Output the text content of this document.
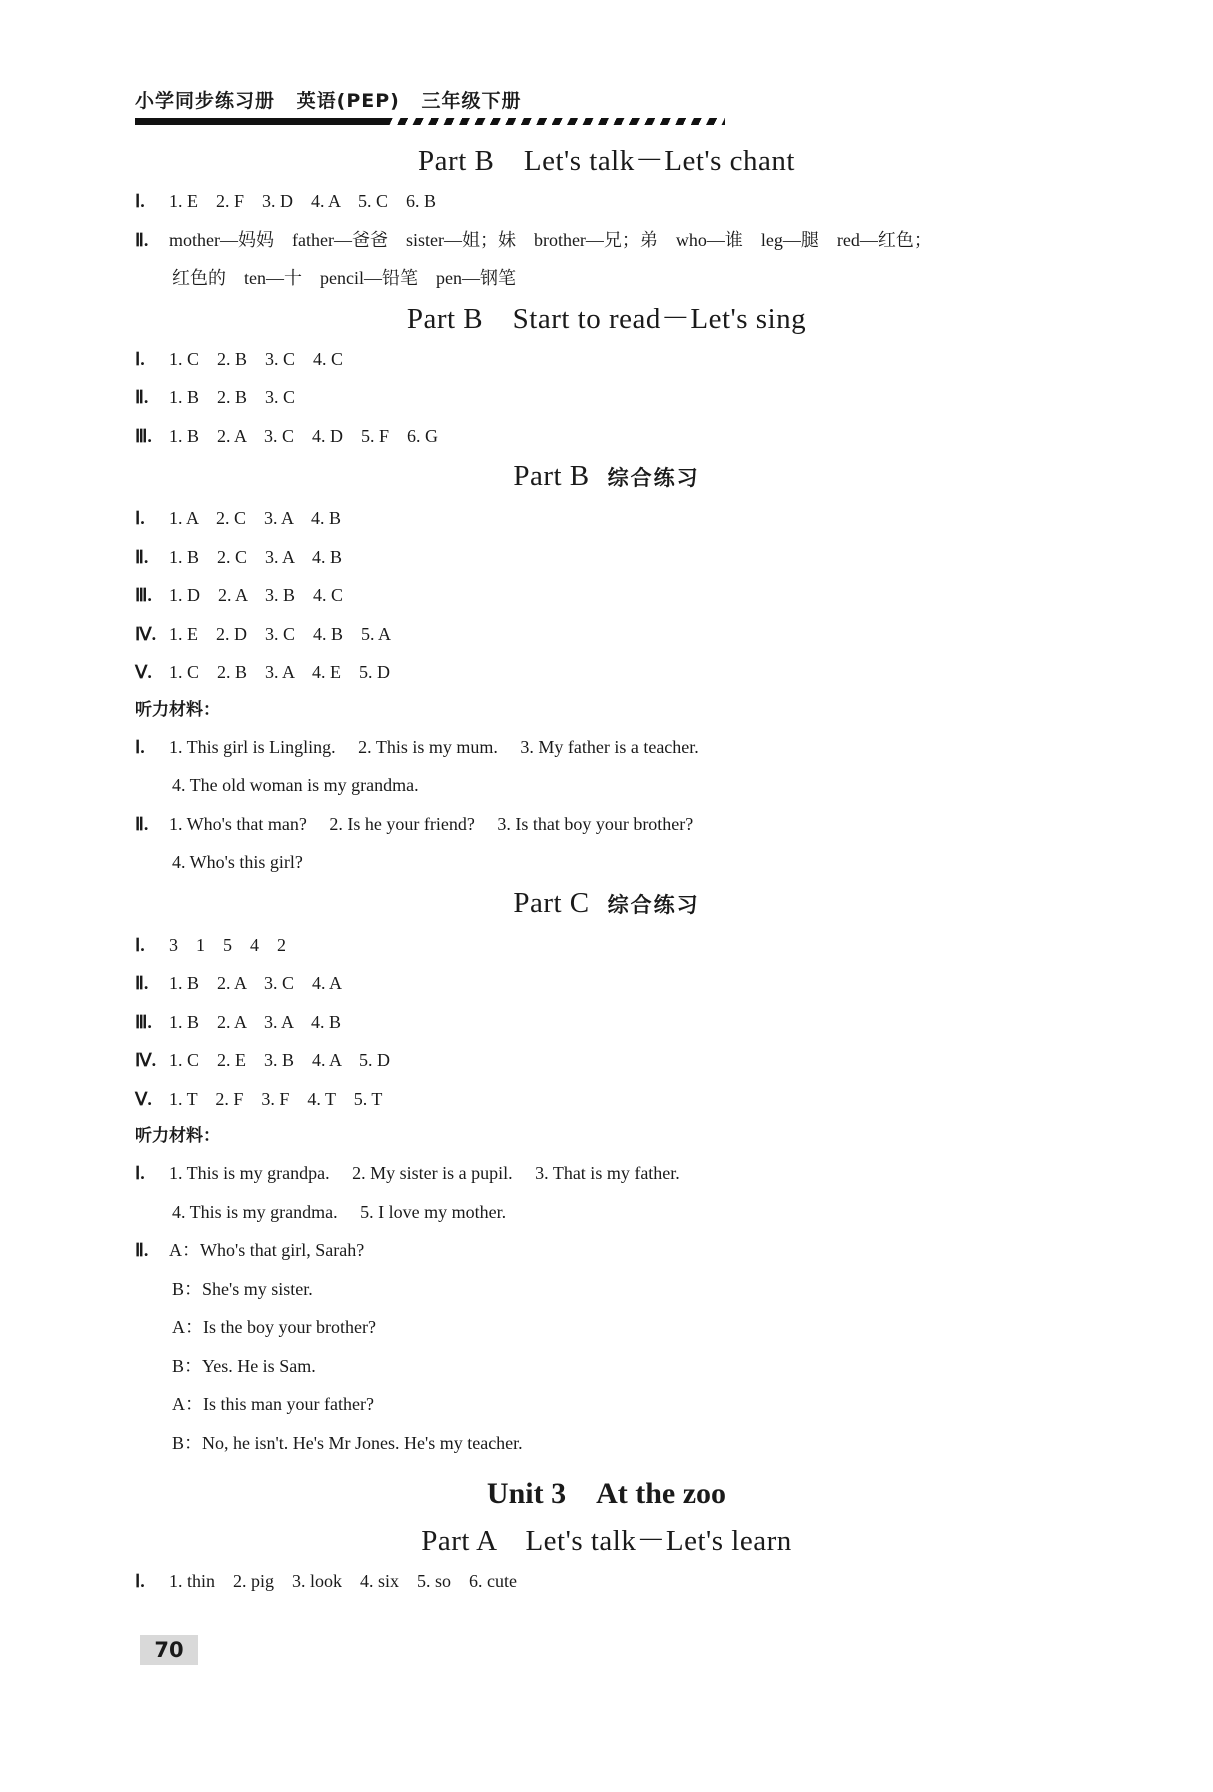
小学同步练习册 英语(PEP) 三年级下册
Part B　Let's talk－Let's chant
Ⅰ. 1. E　2. F　3. D　4. A　5. C　6. B
Ⅱ. mother—妈妈　father—爸爸　sister—姐；妹　brother—兄；弟　who—谁　leg—腿　red—红色；
红色的　ten—十　pencil—铅笔　pen—钢笔
Part B　Start to read－Let's sing
Ⅰ. 1. C　2. B　3. C　4. C
Ⅱ. 1. B　2. B　3. C
Ⅲ. 1. B　2. A　3. C　4. D　5. F　6. G
Part B 综合练习
Ⅰ. 1. A　2. C　3. A　4. B
Ⅱ. 1. B　2. C　3. A　4. B
Ⅲ. 1. D　2. A　3. B　4. C
Ⅳ. 1. E　2. D　3. C　4. B　5. A
Ⅴ. 1. C　2. B　3. A　4. E　5. D
听力材料：
Ⅰ. 1. This girl is Lingling.　 2. This is my mum.　 3. My father is a teacher.
4. The old woman is my grandma.
Ⅱ. 1. Who's that man?　 2. Is he your friend?　 3. Is that boy your brother?
4. Who's this girl?
Part C 综合练习
Ⅰ. 3　1　5　4　2
Ⅱ. 1. B　2. A　3. C　4. A
Ⅲ. 1. B　2. A　3. A　4. B
Ⅳ. 1. C　2. E　3. B　4. A　5. D
Ⅴ. 1. T　2. F　3. F　4. T　5. T
听力材料：
Ⅰ. 1. This is my grandpa.　 2. My sister is a pupil.　 3. That is my father.
4. This is my grandma.　 5. I love my mother.
Ⅱ. A：Who's that girl, Sarah?
B：She's my sister.
A：Is the boy your brother?
B：Yes. He is Sam.
A：Is this man your father?
B：No, he isn't. He's Mr Jones. He's my teacher.
Unit 3　At the zoo
Part A　Let's talk－Let's learn
Ⅰ. 1. thin　2. pig　3. look　4. six　5. so　6. cute
70
